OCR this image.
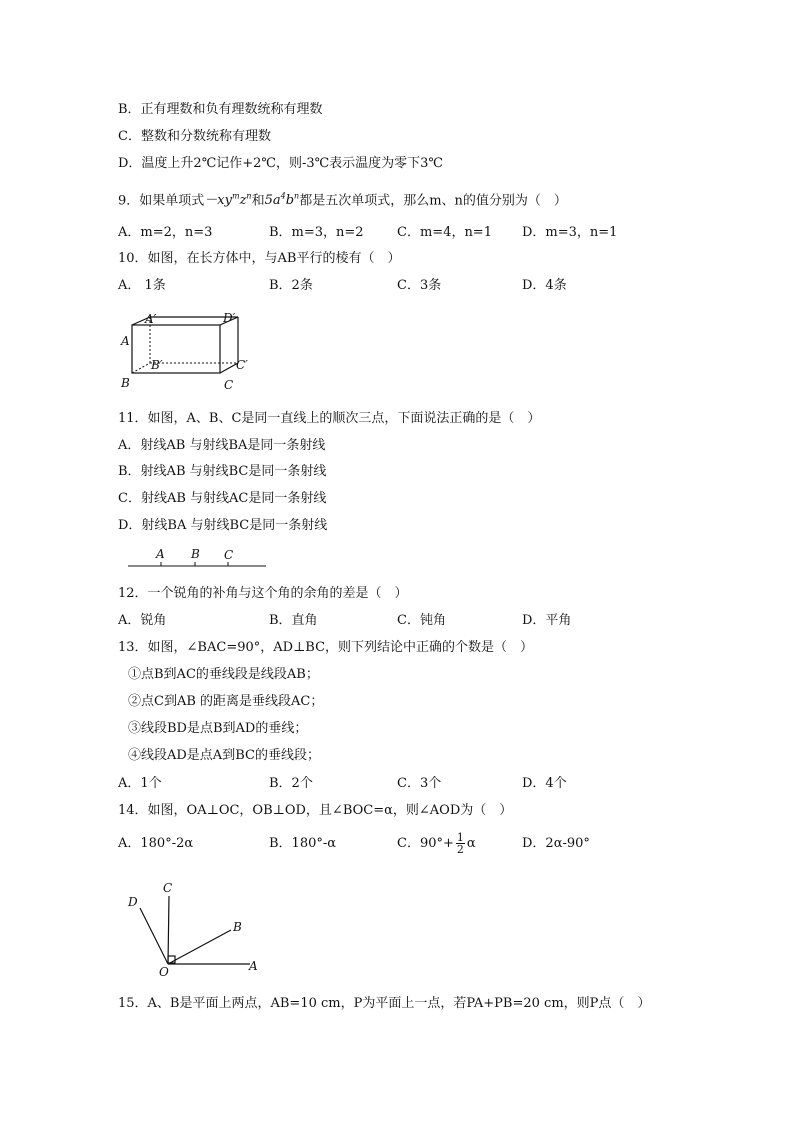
B．正有理数和负有理数统称有理数
C．整数和分数统称有理数
D．温度上升2℃记作+2℃，则-3℃表示温度为零下3℃
9．如果单项式$-xy^mz^n$和$5a^4b^n$都是五次单项式，那么m、n的值分别为（　）
A．m=2，n=3	B．m=3，n=2	C．m=4，n=1 D．m=3，n=1
10．如图，在长方体中，与AB平行的棱有（　）
A． 1条	B．2条	C．3条	D．4条
A′	D′
A
B′	C′
B	C
11．如图，A、B、C是同一直线上的顺次三点，下面说法正确的是（　）
A．射线AB 与射线BA是同一条射线
B．射线AB 与射线BC是同一条射线
C．射线AB 与射线AC是同一条射线
D．射线BA 与射线BC是同一条射线
A B C
12．一个锐角的补角与这个角的余角的差是（　）
A．锐角	B．直角	C．钝角	D．平角
13．如图，∠BAC=90°，AD⊥BC，则下列结论中正确的个数是（　）
①点B到AC的垂线段是线段AB；
②点C到AB 的距离是垂线段AC；
③线段BD是点B到AD的垂线；
④线段AD是点A到BC的垂线段；
A．1个	B．2个	C．3个	D．4个
14．如图，OA⊥OC，OB⊥OD，且∠BOC=α，则∠AOD为（　）
A．180°-2α	B．180°-α	C．$90^\circ+ \frac{1}{2}$ α	D．2α-90°
D
C
B
O	A
15．A、B是平面上两点，AB=10 cm，P为平面上一点，若PA+PB=20 cm，则P点（　）
